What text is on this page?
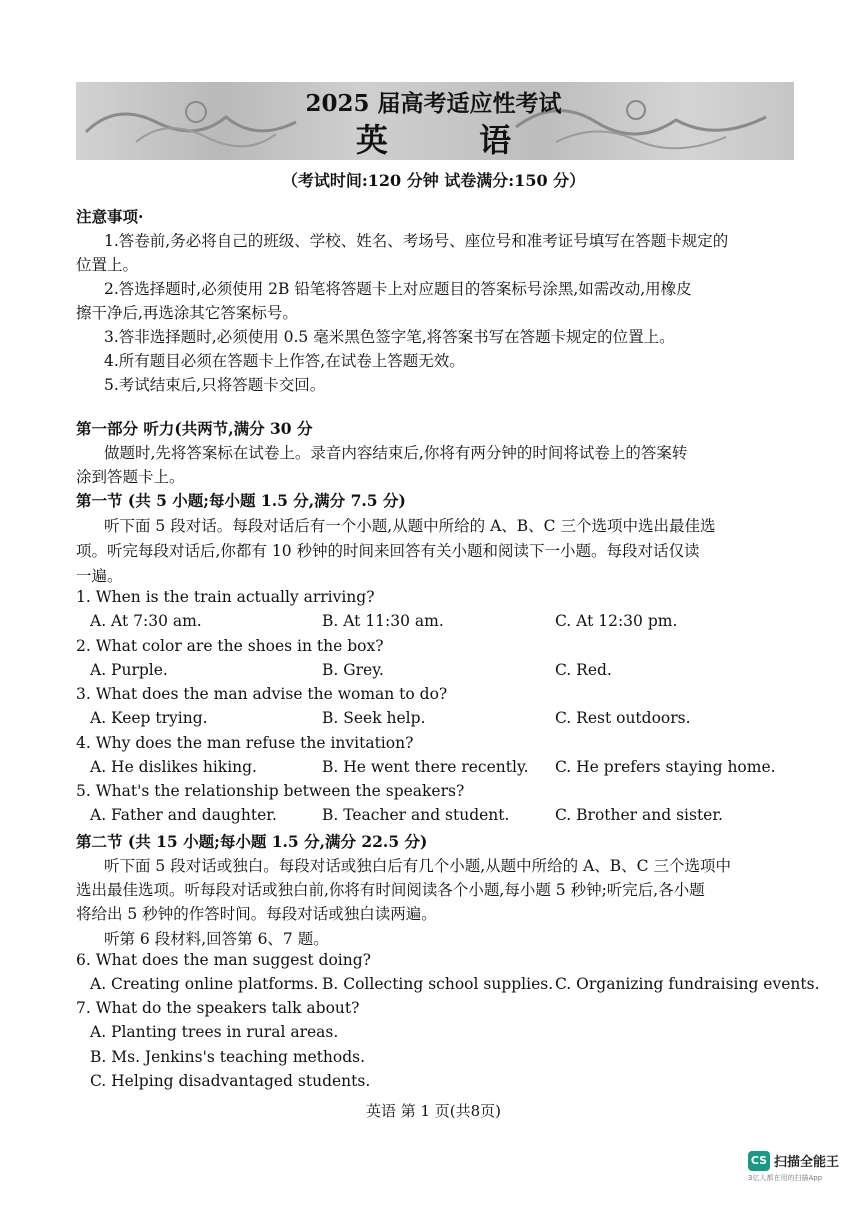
2025 届高考适应性考试
英 语
（考试时间:120 分钟 试卷满分:150 分）
注意事项·
1.答卷前,务必将自己的班级、学校、姓名、考场号、座位号和准考证号填写在答题卡规定的
位置上。
2.答选择题时,必须使用 2B 铅笔将答题卡上对应题目的答案标号涂黑,如需改动,用橡皮
擦干净后,再选涂其它答案标号。
3.答非选择题时,必须使用 0.5 毫米黑色签字笔,将答案书写在答题卡规定的位置上。
4.所有题目必须在答题卡上作答,在试卷上答题无效。
5.考试结束后,只将答题卡交回。
第一部分 听力(共两节,满分 30 分
做题时,先将答案标在试卷上。录音内容结束后,你将有两分钟的时间将试卷上的答案转
涂到答题卡上。
第一节 (共 5 小题;每小题 1.5 分,满分 7.5 分)
听下面 5 段对话。每段对话后有一个小题,从题中所给的 A、B、C 三个选项中选出最佳选
项。听完每段对话后,你都有 10 秒钟的时间来回答有关小题和阅读下一小题。每段对话仅读
一遍。
1. When is the train actually arriving?
A. At 7:30 am.	B. At 11:30 am.	C. At 12:30 pm.
2. What color are the shoes in the box?
A. Purple.	B. Grey.	C. Red.
3. What does the man advise the woman to do?
A. Keep trying.	B. Seek help.	C. Rest outdoors.
4. Why does the man refuse the invitation?
A. He dislikes hiking.	B. He went there recently. C. He prefers staying home.
5. What's the relationship between the speakers?
A. Father and daughter.	B. Teacher and student.	C. Brother and sister.
第二节 (共 15 小题;每小题 1.5 分,满分 22.5 分)
听下面 5 段对话或独白。每段对话或独白后有几个小题,从题中所给的 A、B、C 三个选项中
选出最佳选项。听每段对话或独白前,你将有时间阅读各个小题,每小题 5 秒钟;听完后,各小题
将给出 5 秒钟的作答时间。每段对话或独白读两遍。
听第 6 段材料,回答第 6、7 题。
6. What does the man suggest doing?
A. Creating online platforms. B. Collecting school supplies. C. Organizing fundraising events.
7. What do the speakers talk about?
A. Planting trees in rural areas.
B. Ms. Jenkins's teaching methods.
C. Helping disadvantaged students.
英语 第 1 页(共8页)
CS 扫描全能王
3亿人都在用的扫描App
